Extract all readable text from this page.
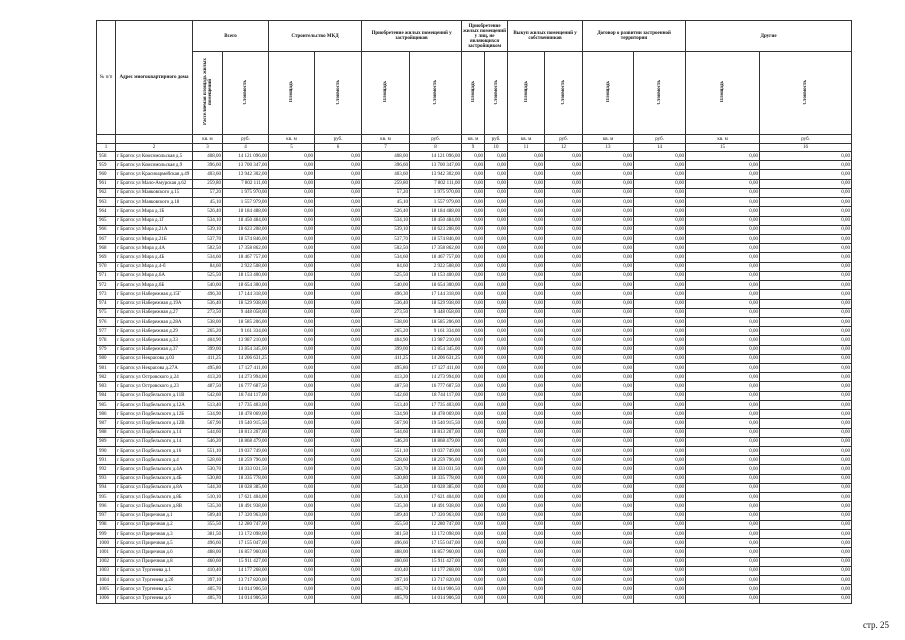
№ п/п	Адрес многоквартирного дома	Всего		Строительство МКД		Приобретение жилых помещений у застройщиков		Приобретение жилых помещений у лиц, не являющихся застройщиком		Выкуп жилых помещений у собственников		Договор о развитии застроенной территории		Другие	
		Расселяемая площадь жилых помещений	Стоимость	Площадь	Стоимость	Площадь	Стоимость	Площадь	Стоимость	Площадь	Стоимость	Площадь	Стоимость	Площадь	Стоимость
		кв. м	руб.	кв. м	руб.	кв. м	руб.	кв. м	руб.	кв. м	руб.	кв. м	руб.	кв. м	руб.
1	2	3	4	5	6	7	8	9	10	11	12	13	14	15	16
958	г Братск ул Комсомольская д.5	408,00	14 121 096,00	0,00	0,00	408,00	14 121 096,00	0,00	0,00	0,00	0,00	0,00	0,00	0,00	0,00
959	г Братск ул Комсомольская д.9	396,60	13 700 347,00	0,00	0,00	396,60	13 700 347,00	0,00	0,00	0,00	0,00	0,00	0,00	0,00	0,00
960	г Братск ул Красноармейская д.49	403,60	13 942 302,00	0,00	0,00	403,60	13 942 302,00	0,00	0,00	0,00	0,00	0,00	0,00	0,00	0,00
961	г Братск ул Мало-Амурская д.62	259,80	7 802 111,00	0,00	0,00	259,80	7 802 111,00	0,00	0,00	0,00	0,00	0,00	0,00	0,00	0,00
962	г Братск ул Маяковского д.15	57,20	1 975 970,00	0,00	0,00	57,20	1 975 970,00	0,00	0,00	0,00	0,00	0,00	0,00	0,00	0,00
963	г Братск ул Маяковского д.18	45,10	1 557 979,00	0,00	0,00	45,10	1 557 979,00	0,00	0,00	0,00	0,00	0,00	0,00	0,00	0,00
964	г Братск ул Мира д.1Б	526,40	18 184 488,00	0,00	0,00	526,40	18 184 488,00	0,00	0,00	0,00	0,00	0,00	0,00	0,00	0,00
965	г Братск ул Мира д.1Г	534,10	18 450 484,00	0,00	0,00	534,10	18 450 484,00	0,00	0,00	0,00	0,00	0,00	0,00	0,00	0,00
966	г Братск ул Мира д.21А	539,10	18 623 208,00	0,00	0,00	539,10	18 623 208,00	0,00	0,00	0,00	0,00	0,00	0,00	0,00	0,00
967	г Братск ул Мира д.21Б	537,70	18 574 846,00	0,00	0,00	537,70	18 574 846,00	0,00	0,00	0,00	0,00	0,00	0,00	0,00	0,00
968	г Братск ул Мира д.4А	502,50	17 358 862,00	0,00	0,00	502,50	17 358 862,00	0,00	0,00	0,00	0,00	0,00	0,00	0,00	0,00
969	г Братск ул Мира д.4Б	534,60	18 467 757,00	0,00	0,00	534,60	18 467 757,00	0,00	0,00	0,00	0,00	0,00	0,00	0,00	0,00
970	г Братск ул Мира д.4-б	84,60	2 922 508,00	0,00	0,00	84,60	2 922 508,00	0,00	0,00	0,00	0,00	0,00	0,00	0,00	0,00
971	г Братск ул Мира д.6А	525,50	18 153 400,00	0,00	0,00	525,50	18 153 400,00	0,00	0,00	0,00	0,00	0,00	0,00	0,00	0,00
972	г Братск ул Мира д.6Б	540,00	18 654 300,00	0,00	0,00	540,00	18 654 300,00	0,00	0,00	0,00	0,00	0,00	0,00	0,00	0,00
973	г Братск ул Набережная д.15Г	496,30	17 144 318,00	0,00	0,00	496,30	17 144 318,00	0,00	0,00	0,00	0,00	0,00	0,00	0,00	0,00
974	г Братск ул Набережная д.19А	536,40	18 529 938,00	0,00	0,00	536,40	18 529 938,00	0,00	0,00	0,00	0,00	0,00	0,00	0,00	0,00
975	г Братск ул Набережная д.27	273,50	9 448 058,00	0,00	0,00	273,50	9 448 058,00	0,00	0,00	0,00	0,00	0,00	0,00	0,00	0,00
976	г Братск ул Набережная д.28А	538,00	18 585 206,00	0,00	0,00	538,00	18 585 206,00	0,00	0,00	0,00	0,00	0,00	0,00	0,00	0,00
977	г Братск ул Набережная д.29	265,20	9 161 334,00	0,00	0,00	265,20	9 161 334,00	0,00	0,00	0,00	0,00	0,00	0,00	0,00	0,00
978	г Братск ул Набережная д.33	404,90	13 987 210,00	0,00	0,00	404,90	13 987 210,00	0,00	0,00	0,00	0,00	0,00	0,00	0,00	0,00
979	г Братск ул Набережная д.37	399,00	13 854 345,00	0,00	0,00	399,00	13 854 345,00	0,00	0,00	0,00	0,00	0,00	0,00	0,00	0,00
980	г Братск ул Некрасова д.03	411,25	14 206 631,25	0,00	0,00	411,25	14 206 631,25	0,00	0,00	0,00	0,00	0,00	0,00	0,00	0,00
981	г Братск ул Некрасова д.27А	495,80	17 127 411,00	0,00	0,00	495,80	17 127 411,00	0,00	0,00	0,00	0,00	0,00	0,00	0,00	0,00
982	г Братск ул Островского д.24	413,20	14 273 994,00	0,00	0,00	413,20	14 273 994,00	0,00	0,00	0,00	0,00	0,00	0,00	0,00	0,00
983	г Братск ул Островского д.23	487,50	16 777 687,50	0,00	0,00	487,50	16 777 687,50	0,00	0,00	0,00	0,00	0,00	0,00	0,00	0,00
984	г Братск ул Подбельского д.11В	542,60	18 744 117,00	0,00	0,00	542,60	18 744 117,00	0,00	0,00	0,00	0,00	0,00	0,00	0,00	0,00
985	г Братск ул Подбельского д.12А	513,40	17 735 403,00	0,00	0,00	513,40	17 735 403,00	0,00	0,00	0,00	0,00	0,00	0,00	0,00	0,00
986	г Братск ул Подбельского д.12Б	534,90	18 478 069,00	0,00	0,00	534,90	18 478 069,00	0,00	0,00	0,00	0,00	0,00	0,00	0,00	0,00
987	г Братск ул Подбельского д.12В	567,90	19 540 915,50	0,00	0,00	567,90	19 540 915,50	0,00	0,00	0,00	0,00	0,00	0,00	0,00	0,00
988	г Братск ул Подбельского д.14	544,60	18 813 207,00	0,00	0,00	544,60	18 813 207,00	0,00	0,00	0,00	0,00	0,00	0,00	0,00	0,00
989	г Братск ул Подбельского д.14	546,20	18 868 479,00	0,00	0,00	546,20	18 868 479,00	0,00	0,00	0,00	0,00	0,00	0,00	0,00	0,00
990	г Братск ул Подбельского д.16	551,10	19 037 749,00	0,00	0,00	551,10	19 037 749,00	0,00	0,00	0,00	0,00	0,00	0,00	0,00	0,00
991	г Братск ул Подбельского д.4	528,60	18 259 796,00	0,00	0,00	528,60	18 259 796,00	0,00	0,00	0,00	0,00	0,00	0,00	0,00	0,00
992	г Братск ул Подбельского д.4А	530,70	18 333 031,50	0,00	0,00	530,70	18 333 031,50	0,00	0,00	0,00	0,00	0,00	0,00	0,00	0,00
993	г Братск ул Подбельского д.4Б	530,80	18 335 778,00	0,00	0,00	530,80	18 335 778,00	0,00	0,00	0,00	0,00	0,00	0,00	0,00	0,00
994	г Братск ул Подбельского д.8А	544,30	18 028 385,00	0,00	0,00	544,30	18 028 385,00	0,00	0,00	0,00	0,00	0,00	0,00	0,00	0,00
995	г Братск ул Подбельского д.8Б	510,10	17 621 404,00	0,00	0,00	510,10	17 621 404,00	0,00	0,00	0,00	0,00	0,00	0,00	0,00	0,00
996	г Братск ул Подбельского д.8В	535,30	18 491 938,00	0,00	0,00	535,30	18 491 938,00	0,00	0,00	0,00	0,00	0,00	0,00	0,00	0,00
997	г Братск ул Приречная д.1	509,40	17 320 963,00	0,00	0,00	509,40	17 320 963,00	0,00	0,00	0,00	0,00	0,00	0,00	0,00	0,00
998	г Братск ул Приречная д.2	355,50	12 280 747,00	0,00	0,00	355,50	12 280 747,00	0,00	0,00	0,00	0,00	0,00	0,00	0,00	0,00
999	г Братск ул Приречная д.3	381,50	13 172 098,00	0,00	0,00	381,50	13 172 098,00	0,00	0,00	0,00	0,00	0,00	0,00	0,00	0,00
1000	г Братск ул Приречная д.5	496,60	17 155 047,00	0,00	0,00	496,60	17 155 047,00	0,00	0,00	0,00	0,00	0,00	0,00	0,00	0,00
1001	г Братск ул Приречная д.6	488,00	16 857 960,00	0,00	0,00	488,00	16 857 960,00	0,00	0,00	0,00	0,00	0,00	0,00	0,00	0,00
1002	г Братск ул Приречная д.8	460,60	15 911 427,00	0,00	0,00	460,60	15 911 427,00	0,00	0,00	0,00	0,00	0,00	0,00	0,00	0,00
1003	г Братск ул Тургенева д.1	410,40	14 177 268,00	0,00	0,00	410,40	14 177 268,00	0,00	0,00	0,00	0,00	0,00	0,00	0,00	0,00
1004	г Братск ул Тургенева д.2б	397,10	13 717 820,00	0,00	0,00	397,10	13 717 820,00	0,00	0,00	0,00	0,00	0,00	0,00	0,00	0,00
1005	г Братск ул Тургенева д.5	405,70	14 014 906,50	0,00	0,00	405,70	14 014 906,50	0,00	0,00	0,00	0,00	0,00	0,00	0,00	0,00
1006	г Братск ул Тургенева д.6	405,70	14 014 906,50	0,00	0,00	405,70	14 014 906,50	0,00	0,00	0,00	0,00	0,00	0,00	0,00	0,00
стр. 25
